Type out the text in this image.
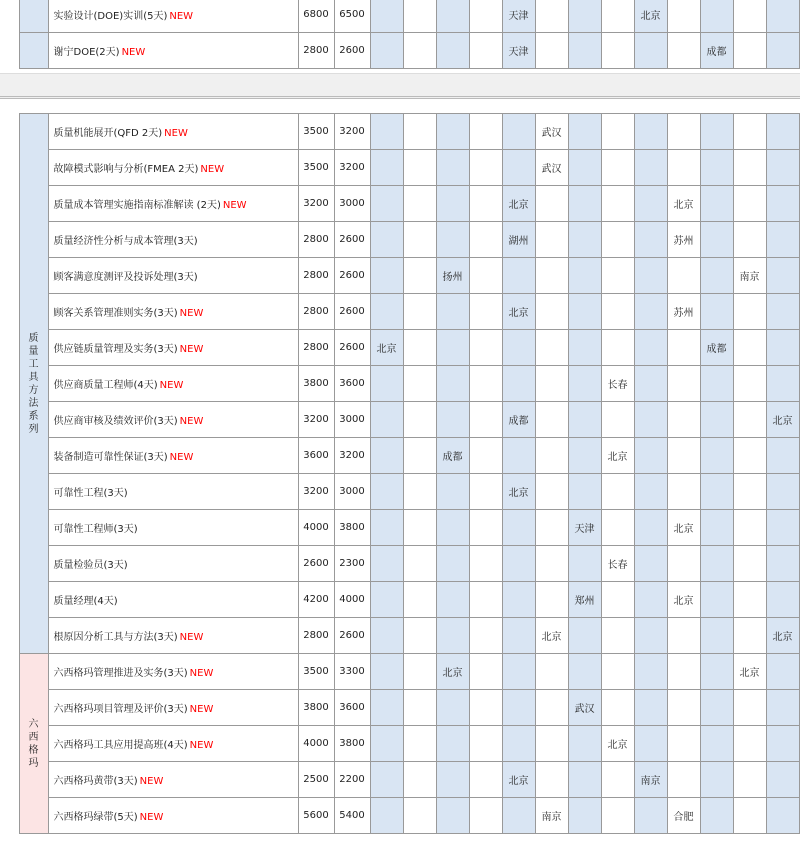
		实验设计(DOE)实训(5天) NEW	6800	6500					天津				北京				
		谢宁DOE(2天) NEW	2800	2600					天津						成都		
	质量工具方法系列	质量机能展开(QFD 2天) NEW	3500	3200						武汉							
		故障模式影响与分析(FMEA 2天) NEW	3500	3200						武汉							
		质量成本管理实施指南标准解读 (2天) NEW	3200	3000					北京					北京			
		质量经济性分析与成本管理(3天)	2800	2600					湖州					苏州			
		顾客满意度测评及投诉处理(3天)	2800	2600			扬州									南京	
		顾客关系管理准则实务(3天) NEW	2800	2600					北京					苏州			
		供应链质量管理及实务(3天) NEW	2800	2600	北京										成都		
		供应商质量工程师(4天) NEW	3800	3600								长春					
		供应商审核及绩效评价(3天) NEW	3200	3000					成都								北京
		装备制造可靠性保证(3天) NEW	3600	3200			成都					北京					
		可靠性工程(3天)	3200	3000					北京								
		可靠性工程师(3天)	4000	3800							天津			北京			
		质量检验员(3天)	2600	2300								长春					
		质量经理(4天)	4200	4000							郑州			北京			
		根原因分析工具与方法(3天) NEW	2800	2600						北京							北京
	六西格玛	六西格玛管理推进及实务(3天) NEW	3500	3300			北京									北京	
		六西格玛项目管理及评价(3天) NEW	3800	3600							武汉						
		六西格玛工具应用提高班(4天) NEW	4000	3800								北京					
		六西格玛黄带(3天) NEW	2500	2200					北京				南京				
		六西格玛绿带(5天) NEW	5600	5400						南京				合肥			
